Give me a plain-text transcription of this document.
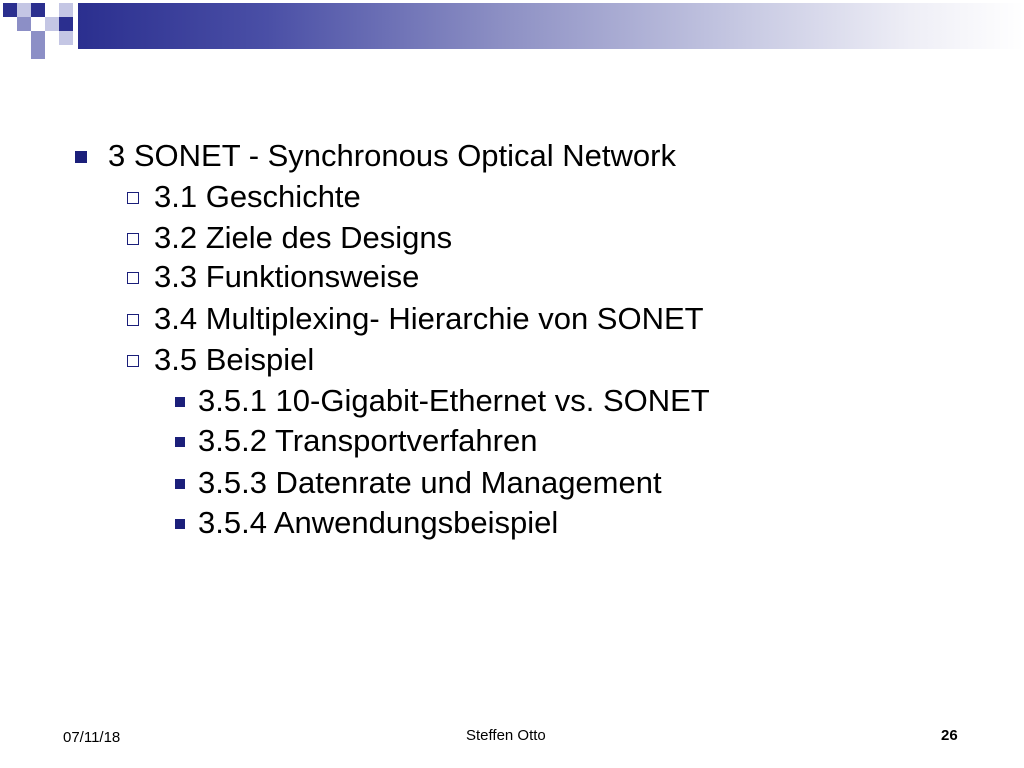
3 SONET - Synchronous Optical Network
3.1 Geschichte
3.2 Ziele des Designs
3.3 Funktionsweise
3.4 Multiplexing- Hierarchie von SONET
3.5 Beispiel
3.5.1 10-Gigabit-Ethernet vs. SONET
3.5.2 Transportverfahren
3.5.3 Datenrate und Management
3.5.4 Anwendungsbeispiel
07/11/18	Steffen Otto	26
